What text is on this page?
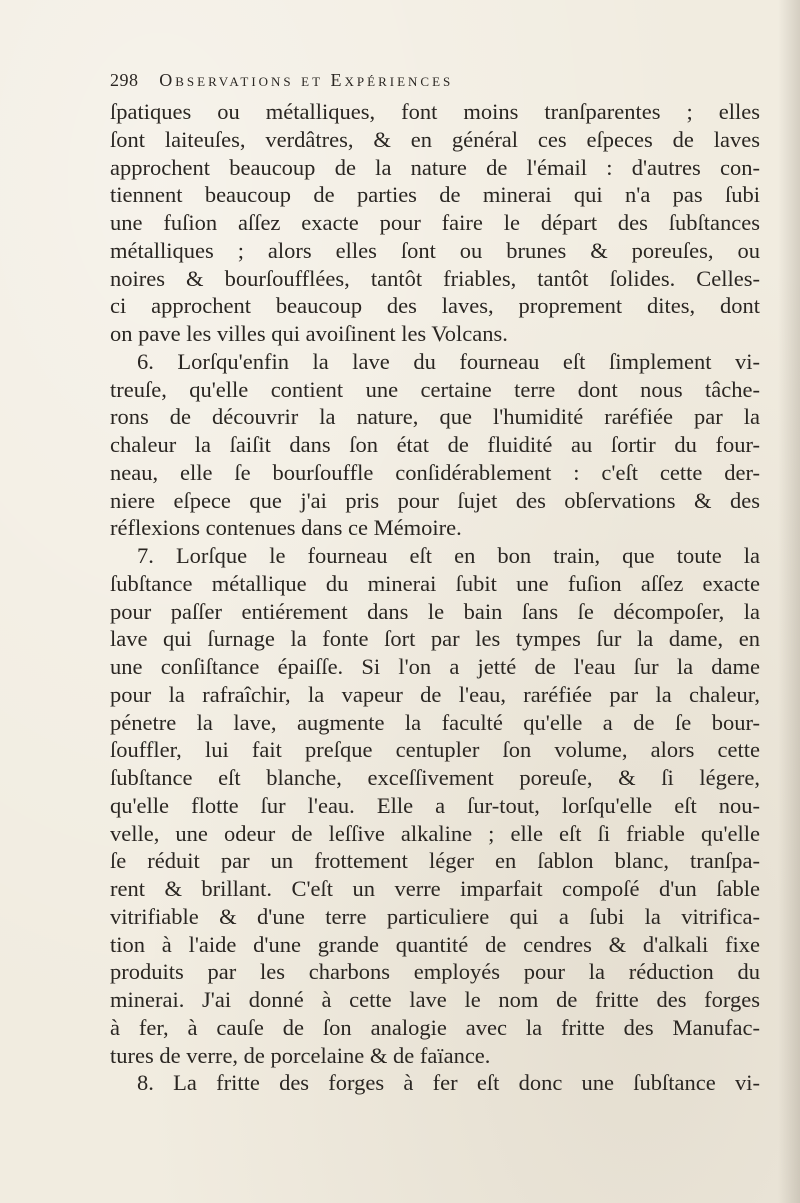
298 Observations et Expériences
ſpatiques ou métalliques, font moins tranſparentes ; elles
ſont laiteuſes, verdâtres, & en général ces eſpeces de laves
approchent beaucoup de la nature de l'émail : d'autres con-
tiennent beaucoup de parties de minerai qui n'a pas ſubi
une fuſion aſſez exacte pour faire le départ des ſubſtances
métalliques ; alors elles ſont ou brunes & poreuſes, ou
noires & bourſoufflées, tantôt friables, tantôt ſolides. Celles-
ci approchent beaucoup des laves, proprement dites, dont
on pave les villes qui avoiſinent les Volcans.
6. Lorſqu'enfin la lave du fourneau eſt ſimplement vi-
treuſe, qu'elle contient une certaine terre dont nous tâche-
rons de découvrir la nature, que l'humidité raréfiée par la
chaleur la ſaiſit dans ſon état de fluidité au ſortir du four-
neau, elle ſe bourſouffle conſidérablement : c'eſt cette der-
niere eſpece que j'ai pris pour ſujet des obſervations & des
réflexions contenues dans ce Mémoire.
7. Lorſque le fourneau eſt en bon train, que toute la
ſubſtance métallique du minerai ſubit une fuſion aſſez exacte
pour paſſer entiérement dans le bain ſans ſe décompoſer, la
lave qui ſurnage la fonte ſort par les tympes ſur la dame, en
une conſiſtance épaiſſe. Si l'on a jetté de l'eau ſur la dame
pour la rafraîchir, la vapeur de l'eau, raréfiée par la chaleur,
pénetre la lave, augmente la faculté qu'elle a de ſe bour-
ſouffler, lui fait preſque centupler ſon volume, alors cette
ſubſtance eſt blanche, exceſſivement poreuſe, & ſi légere,
qu'elle flotte ſur l'eau. Elle a ſur-tout, lorſqu'elle eſt nou-
velle, une odeur de leſſive alkaline ; elle eſt ſi friable qu'elle
ſe réduit par un frottement léger en ſablon blanc, tranſpa-
rent & brillant. C'eſt un verre imparfait compoſé d'un ſable
vitrifiable & d'une terre particuliere qui a ſubi la vitrifica-
tion à l'aide d'une grande quantité de cendres & d'alkali fixe
produits par les charbons employés pour la réduction du
minerai. J'ai donné à cette lave le nom de fritte des forges
à fer, à cauſe de ſon analogie avec la fritte des Manufac-
tures de verre, de porcelaine & de faïance.
8. La fritte des forges à fer eſt donc une ſubſtance vi-
